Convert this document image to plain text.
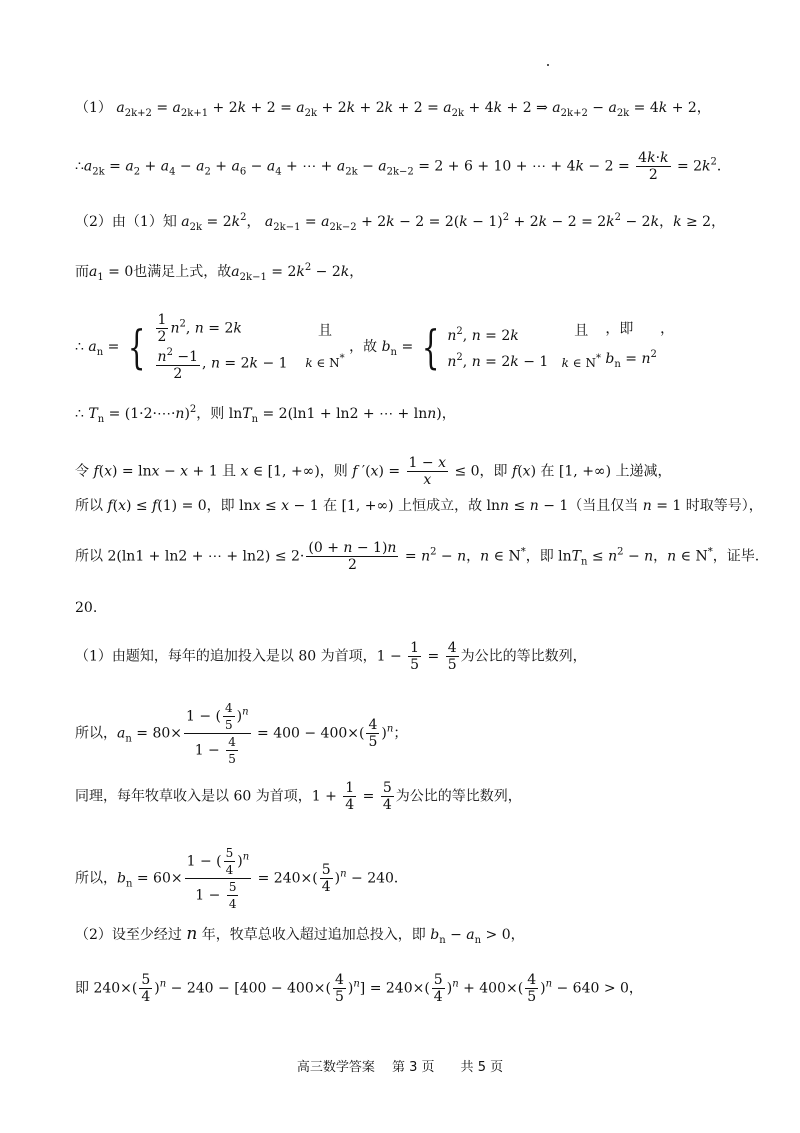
（1） $a_{2k+2} = a_{2k+1} + 2k + 2 = a_{2k} + 2k + 2k + 2 = a_{2k} + 4k + 2$ ⇒ $a_{2k+2} - a_{2k} = 4k + 2$，
$\therefore a_{2k} = a_2 + a_4 - a_2 + a_6 - a_4$ + ⋯ + $a_{2k} - a_{2k-2} = 2 + 6 + 10$ + ⋯ + $4k - 2 = \frac{4k\cdot k}{2} = 2k^2$．
（2）由（1）知 $a_{2k} = 2k^2$， $a_{2k-1} = a_{2k-2} + 2k - 2 = 2(k - 1)^2 + 2k - 2 = 2k^2 - 2k$，k ≥ 2，
而$a_1 = 0$也满足上式，故$a_{2k-1} = 2k^2 - 2k$，
∴ $a_n$ = { $\frac{1}{2} n^2$, n = 2k
$\frac{n^2 -1}{2}$ , n = 2k − 1

且
k ∈ N*
，故 $b_n$ = { $n^2$, n = 2k
$n^2$, n = 2k − 1

且
k ∈ N*

，即 ，
$b_n = n^2$
∴ $T_n$ = (1·2·⋯·n)$^2$，则 lnT$_n$ = 2(ln1 + ln2 + ⋯ + lnn)，
令 f(x) = lnx − x + 1 且 x ∈ [1, +∞)，则 f $'(x) = \frac{1 - x}{x} \le 0$，即 f(x) 在 [1, +∞) 上递减，
所以 f(x) ≤ f(1) = 0，即 lnx ≤ x − 1 在 [1, +∞) 上恒成立，故 lnn ≤ n − 1（当且仅当 n = 1 时取等号），
所以 2(ln1 + ln2 + ⋯ + $\ln 2) \le 2\cdot \frac{(0 + n - 1)n}{2} = n^2 - n$，n ∈ N*，即 $\ln T_n \le n^2 - n$，n ∈ N*，证毕.
20.
（1）由题知，每年的追加投入是以 80 为首项，$1 - \frac{1}{5} = \frac{4}{5}$ 为公比的等比数列，
所以，$a_n = 80\times \frac{1 - ( \frac{4}{5} )^n}{1 - \frac{4}{5}} = 400 - 400\times( \frac{4}{5} )^n$；
同理，每年牧草收入是以 60 为首项，$1 + \frac{1}{4} = \frac{5}{4}$ 为公比的等比数列，
所以，$b_n = 60\times \frac{1 - ( \frac{5}{4} )^n}{1 - \frac{5}{4}} = 240\times( \frac{5}{4} )^n - 240$．
（2）设至少经过 n 年，牧草总收入超过追加总投入，即 $b_n - a_n > 0$，
即 $240\times( \frac{5}{4} )^n - 240 - [400 - 400\times( \frac{4}{5} )^n] = 240\times( \frac{5}{4} )^n + 400\times( \frac{4}{5} )^n - 640 > 0$，
高三数学答案　 第 3 页　　共 5 页
